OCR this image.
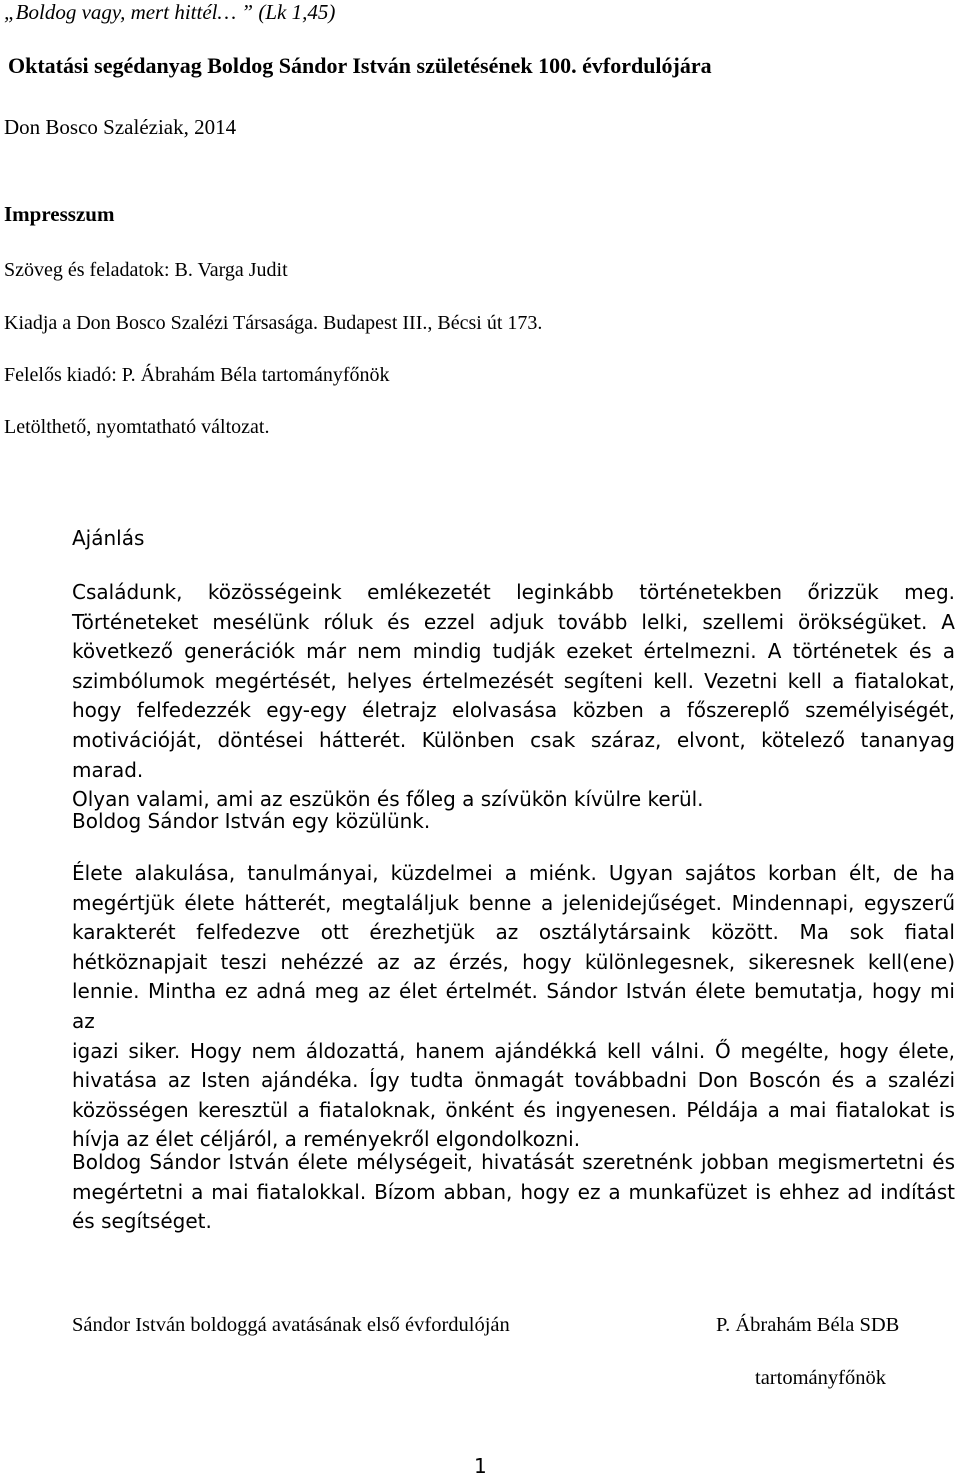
„Boldog vagy, mert hittél… ” (Lk 1,45)
Oktatási segédanyag Boldog Sándor István születésének 100. évfordulójára
Don Bosco Szaléziak, 2014
Impresszum
Szöveg és feladatok: B. Varga Judit
Kiadja a Don Bosco Szalézi Társasága. Budapest III., Bécsi út 173.
Felelős kiadó: P. Ábrahám Béla tartományfőnök
Letölthető, nyomtatható változat.
Ajánlás
Családunk, közösségeink emlékezetét leginkább történetekben őrizzük meg.
Történeteket mesélünk róluk és ezzel adjuk tovább lelki, szellemi örökségüket. A
következő generációk már nem mindig tudják ezeket értelmezni. A történetek és a
szimbólumok megértését, helyes értelmezését segíteni kell. Vezetni kell a fiatalokat,
hogy felfedezzék egy-egy életrajz elolvasása közben a főszereplő személyiségét,
motivációját, döntései hátterét. Különben csak száraz, elvont, kötelező tananyag marad.
Olyan valami, ami az eszükön és főleg a szívükön kívülre kerül.
Boldog Sándor István egy közülünk.
Élete alakulása, tanulmányai, küzdelmei a miénk. Ugyan sajátos korban élt, de ha
megértjük élete hátterét, megtaláljuk benne a jelenidejűséget. Mindennapi, egyszerű
karakterét felfedezve ott érezhetjük az osztálytársaink között. Ma sok fiatal
hétköznapjait teszi nehézzé az az érzés, hogy különlegesnek, sikeresnek kell(ene)
lennie. Mintha ez adná meg az élet értelmét. Sándor István élete bemutatja, hogy mi az
igazi siker. Hogy nem áldozattá, hanem ajándékká kell válni. Ő megélte, hogy élete,
hivatása az Isten ajándéka. Így tudta önmagát továbbadni Don Boscón és a szalézi
közösségen keresztül a fiataloknak, önként és ingyenesen. Példája a mai fiatalokat is
hívja az élet céljáról, a reményekről elgondolkozni.
Boldog Sándor István élete mélységeit, hivatását szeretnénk jobban megismertetni és
megértetni a mai fiatalokkal. Bízom abban, hogy ez a munkafüzet is ehhez ad indítást
és segítséget.
Sándor István boldoggá avatásának első évfordulóján	P. Ábrahám Béla SDB
tartományfőnök
1
